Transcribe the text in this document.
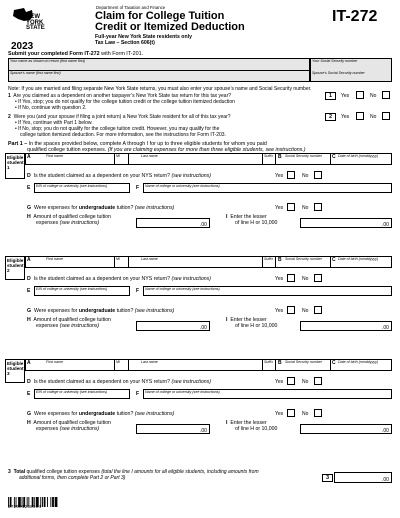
NEW
YORK
STATE
2023
Department of Taxation and Finance
Claim for College Tuition
Credit or Itemized Deduction
Full-year New York State residents only
Tax Law – Section 606(t)
IT-272
Submit your completed Form IT-272 with Form IT-201.
Your name as shown on return (first name first)	Your Social Security number
Spouse’s name (first name first)	Spouse’s Social Security number
Note: If you are married and filing separate New York State returns, you must also enter your spouse’s name and Social Security number.
1 Are you claimed as a dependent on another taxpayer’s New York State tax return for this tax year?
• If Yes, stop; you do not qualify for the college tuition credit or the college tuition itemized deduction
• If No, continue with question 2.
1	Yes	No
2 Were you (and your spouse if filing a joint return) a New York State resident for all of this tax year?
• If Yes, continue with Part 1 below.
• If No, stop; you do not qualify for the college tuition credit. However, you may qualify for the
college tuition itemized deduction. For more information, see the instructions for Form IT-203.
2	Yes	No
Part 1 – In the spaces provided below, complete A through I for up to three eligible students for whom you paid
qualified college tuition expenses. (If you are claiming expenses for more than three eligible students, see instructions.)
Eligible
student
1
A	First name	MI	Last name	Suffix B Social Security number C Date of birth (mmddyyyy)
D Is the student claimed as a dependent on your NYS return? (see instructions)	Yes	No
E EIN of college or university (see instructions)	F Name of college or university (see instructions)
G Were expenses for undergraduate tuition? (see instructions)	Yes	No
H Amount of qualified college tuition
expenses (see instructions)	.00
I Enter the lesser
of line H or 10,000	.00
Eligible
student
2
A	First name	MI	Last name	Suffix B Social Security number C Date of birth (mmddyyyy)
D Is the student claimed as a dependent on your NYS return? (see instructions)	Yes	No
E EIN of college or university (see instructions)	F Name of college or university (see instructions)
G Were expenses for undergraduate tuition? (see instructions)	Yes	No
H Amount of qualified college tuition
expenses (see instructions)	.00
I Enter the lesser
of line H or 10,000	.00
Eligible
student
3
A	First name	MI	Last name	Suffix B Social Security number C Date of birth (mmddyyyy)
D Is the student claimed as a dependent on your NYS return? (see instructions)	Yes	No
E EIN of college or university (see instructions)	F Name of college or university (see instructions)
G Were expenses for undergraduate tuition? (see instructions)	Yes	No
H Amount of qualified college tuition
expenses (see instructions)	.00
I Enter the lesser
of line H or 10,000	.00
3 Total qualified college tuition expenses (total the line I amounts for all eligible students, including amounts from
additional forms, then complete Part 2 or Part 3)	3	.00
272001230094
